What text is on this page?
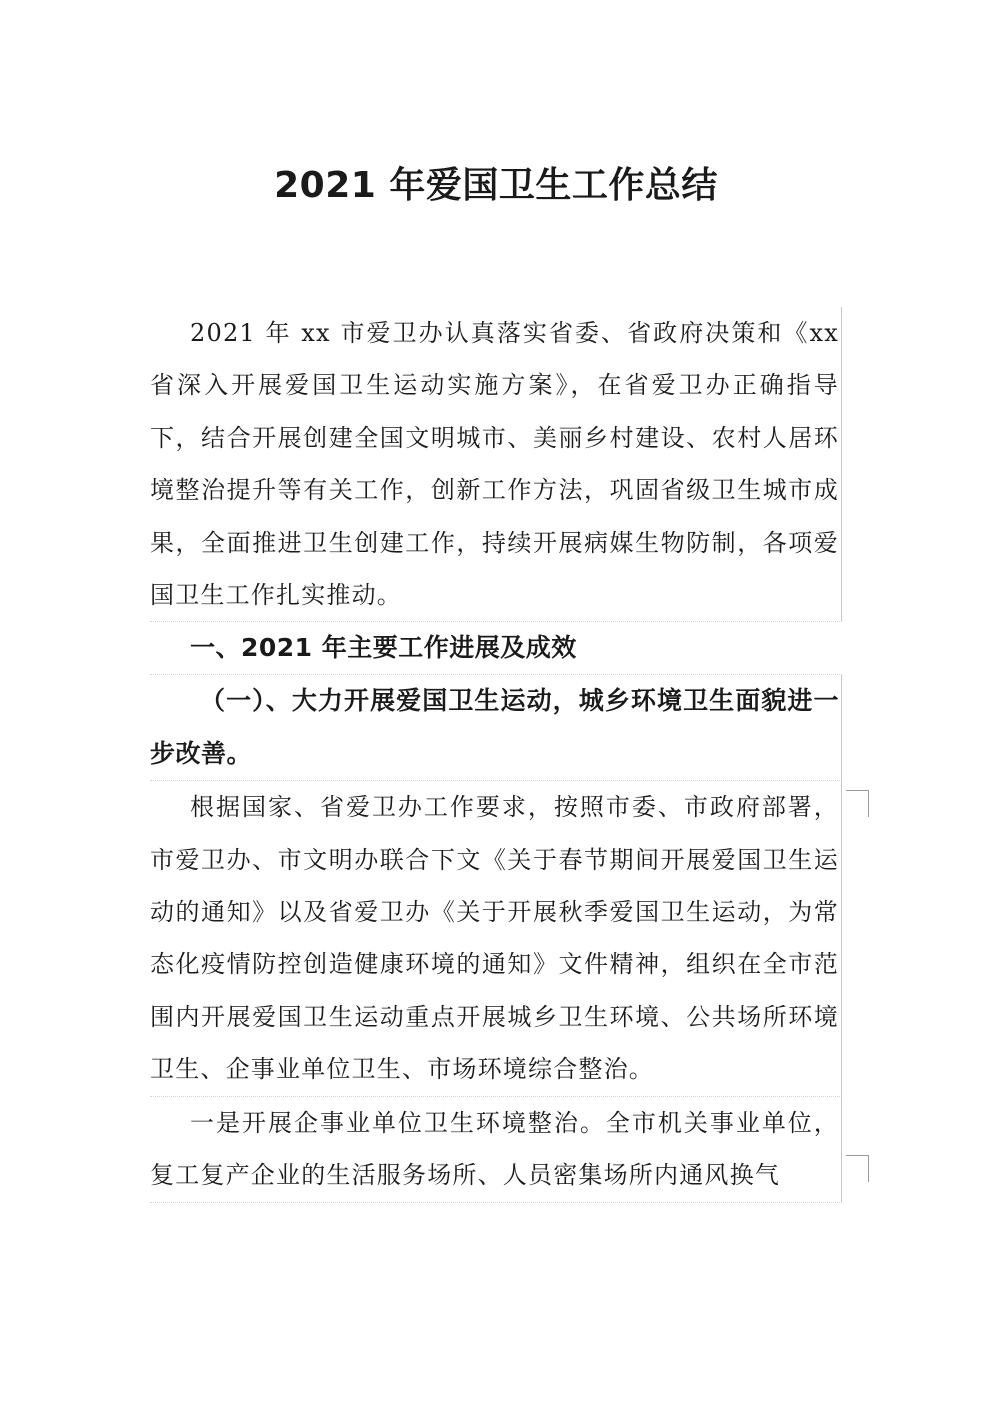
2021 年爱国卫生工作总结

2021 年 xx 市爱卫办认真落实省委、省政府决策和《xx 省深入开展爱国卫生运动实施方案》，在省爱卫办正确指导下，结合开展创建全国文明城市、美丽乡村建设、农村人居环境整治提升等有关工作，创新工作方法，巩固省级卫生城市成果，全面推进卫生创建工作，持续开展病媒生物防制，各项爱国卫生工作扎实推动。

一、2021 年主要工作进展及成效

（一）、大力开展爱国卫生运动，城乡环境卫生面貌进一步改善。

根据国家、省爱卫办工作要求，按照市委、市政府部署，市爱卫办、市文明办联合下文《关于春节期间开展爱国卫生运动的通知》以及省爱卫办《关于开展秋季爱国卫生运动，为常态化疫情防控创造健康环境的通知》文件精神，组织在全市范围内开展爱国卫生运动重点开展城乡卫生环境、公共场所环境卫生、企事业单位卫生、市场环境综合整治。

一是开展企事业单位卫生环境整治。全市机关事业单位，复工复产企业的生活服务场所、人员密集场所内通风换气
